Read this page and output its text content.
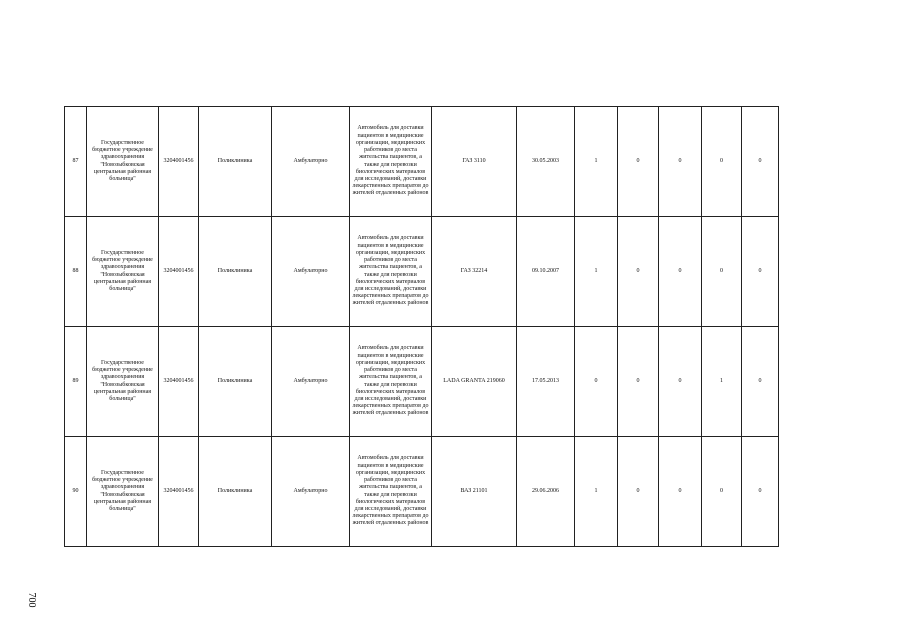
87	Государственное бюджетное учреждение здравоохранения "Новозыбковская центральная районная больница"	3204001456	Поликлиника	Амбулаторно	Автомобиль для доставки пациентов в медицинские организации, медицинских работников до места жительства пациентов, а также для перевозки биологических материалов для исследований, доставки лекарственных препаратов до жителей отдаленных районов	ГАЗ 3110	30.05.2003	1	0	0	0	0
88	Государственное бюджетное учреждение здравоохранения "Новозыбковская центральная районная больница"	3204001456	Поликлиника	Амбулаторно	Автомобиль для доставки пациентов в медицинские организации, медицинских работников до места жительства пациентов, а также для перевозки биологических материалов для исследований, доставки лекарственных препаратов до жителей отдаленных районов	ГАЗ 32214	09.10.2007	1	0	0	0	0
89	Государственное бюджетное учреждение здравоохранения "Новозыбковская центральная районная больница"	3204001456	Поликлиника	Амбулаторно	Автомобиль для доставки пациентов в медицинские организации, медицинских работников до места жительства пациентов, а также для перевозки биологических материалов для исследований, доставки лекарственных препаратов до жителей отдаленных районов	LADA GRANTA 219060	17.05.2013	0	0	0	1	0
90	Государственное бюджетное учреждение здравоохранения "Новозыбковская центральная районная больница"	3204001456	Поликлиника	Амбулаторно	Автомобиль для доставки пациентов в медицинские организации, медицинских работников до места жительства пациентов, а также для перевозки биологических материалов для исследований, доставки лекарственных препаратов до жителей отдаленных районов	ВАЗ 21101	29.06.2006	1	0	0	0	0
700
